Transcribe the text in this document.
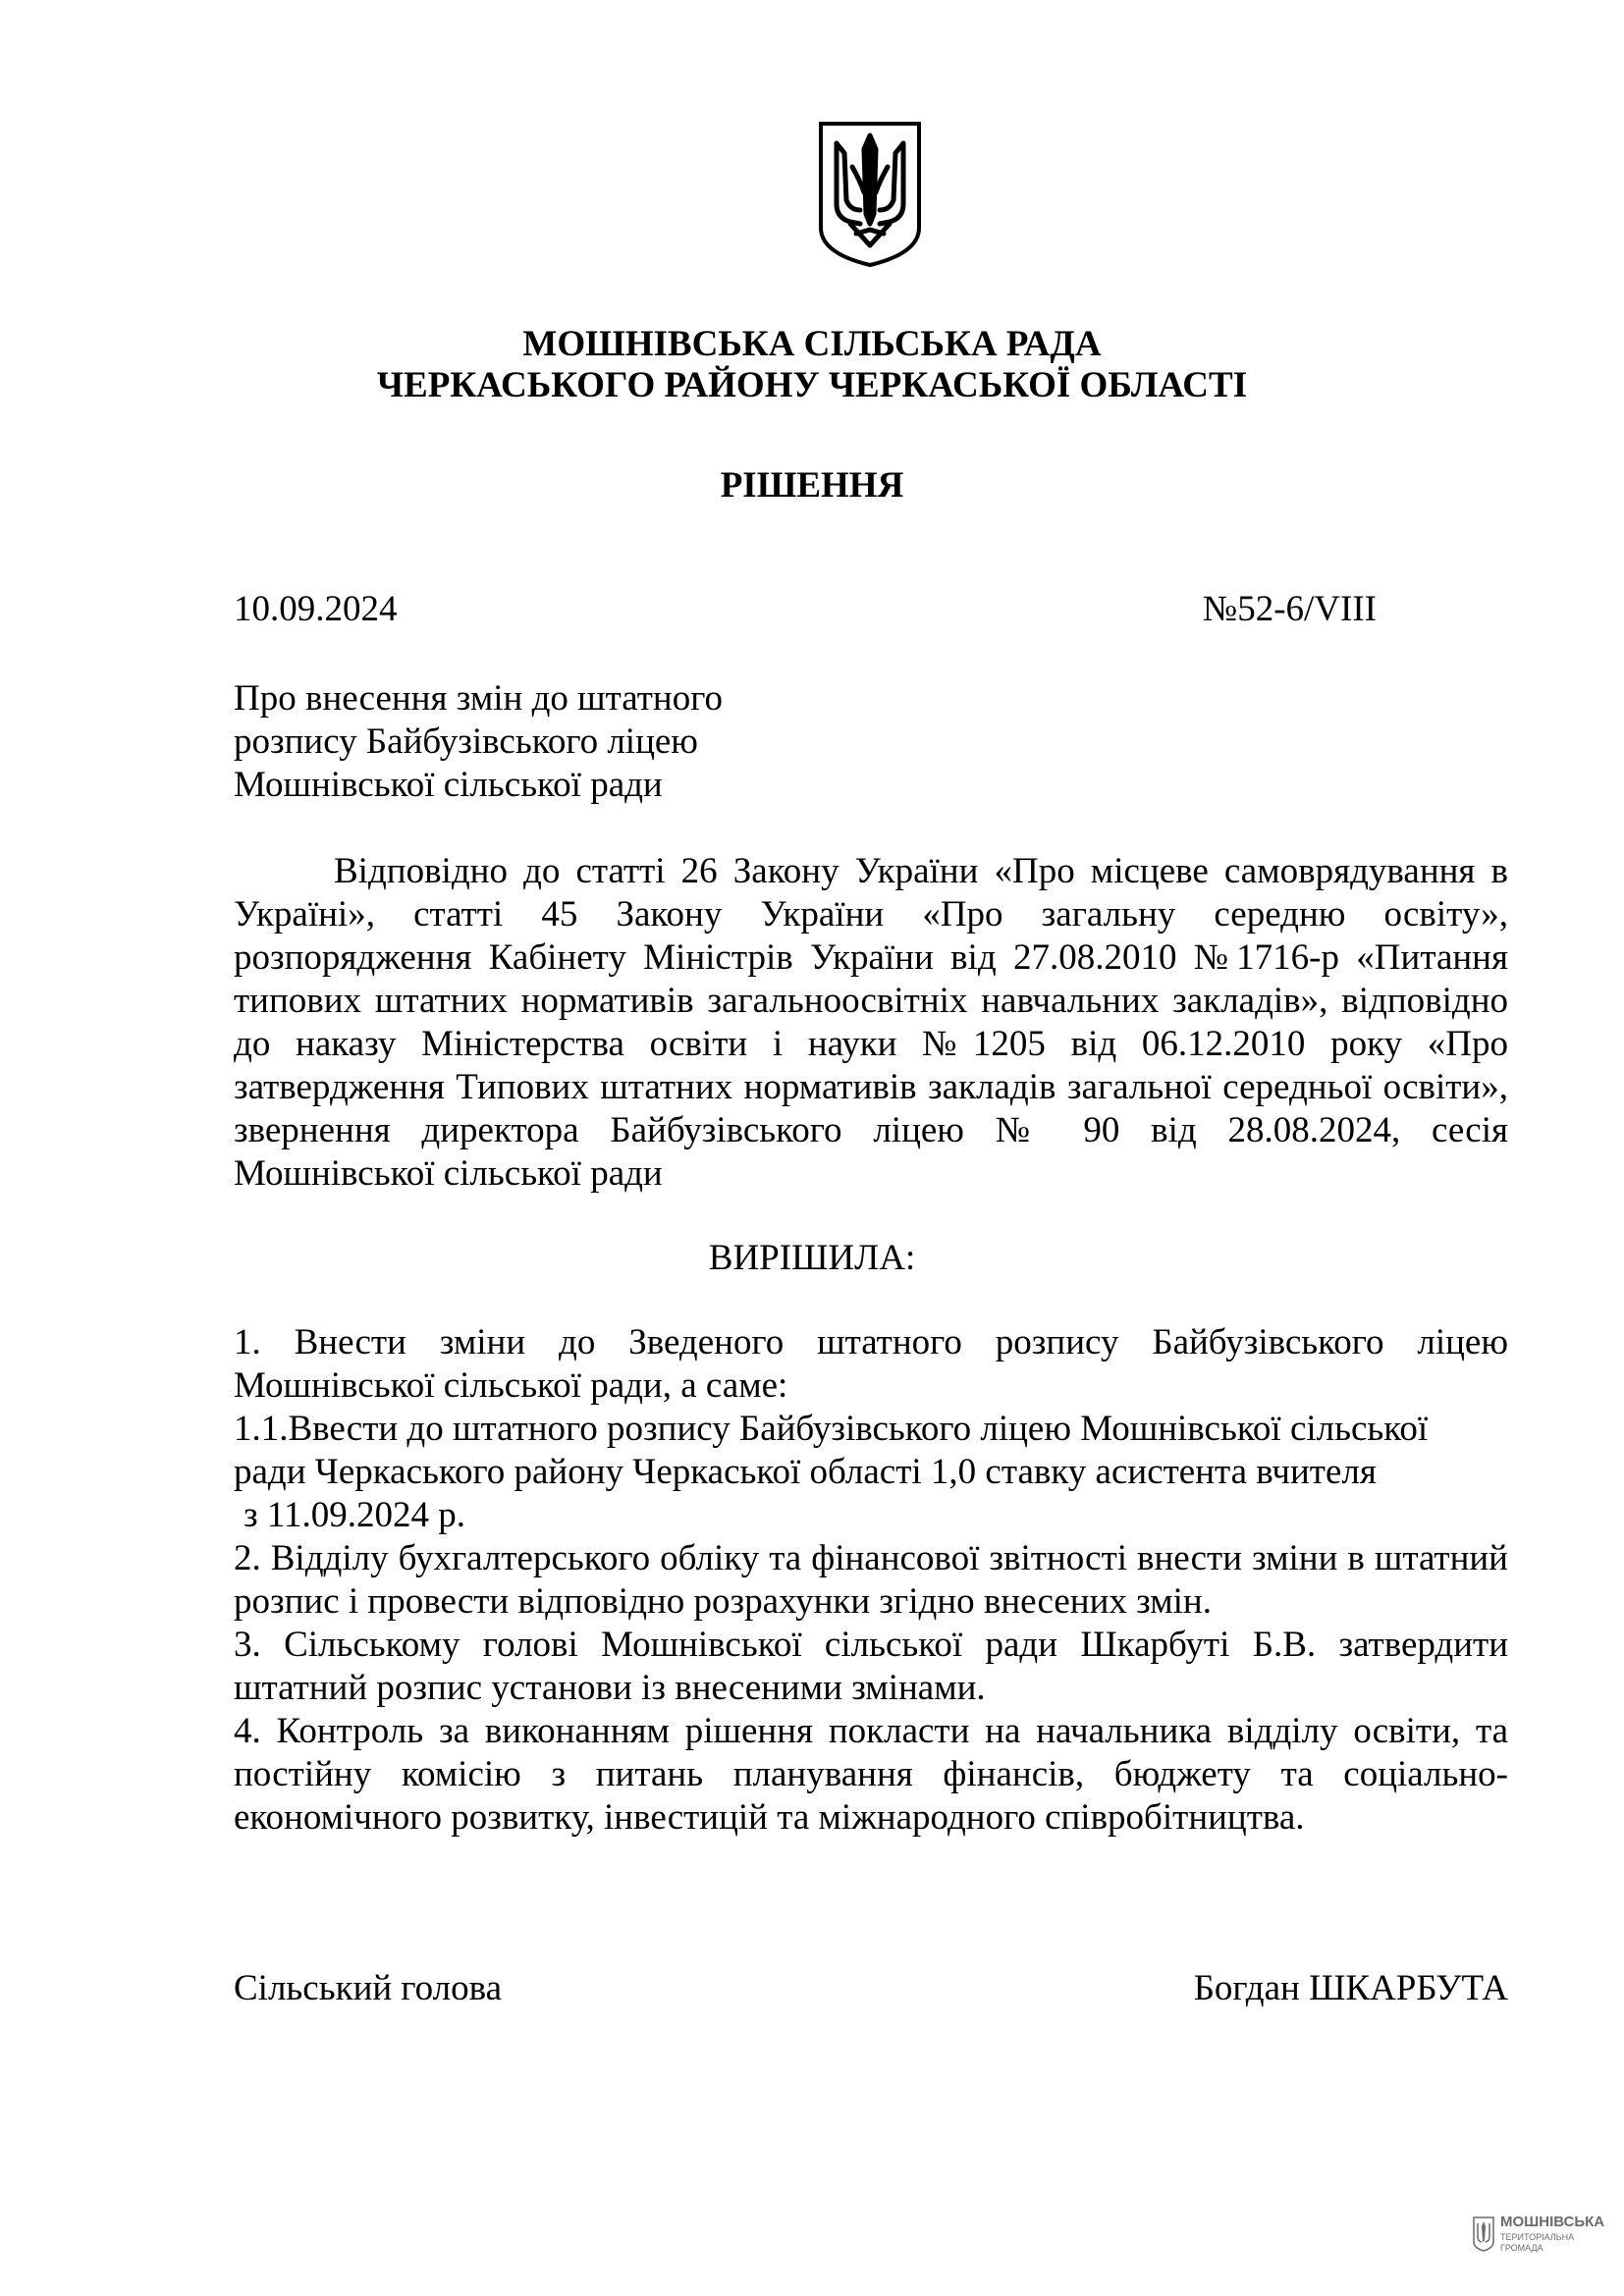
МОШНІВСЬКА СІЛЬСЬКА РАДА
ЧЕРКАСЬКОГО РАЙОНУ ЧЕРКАСЬКОЇ ОБЛАСТІ
РІШЕННЯ
10.09.2024	№52-6/VIII
Про внесення змін до штатного
розпису Байбузівського ліцею
Мошнівської сільської ради

Відповідно до статті 26 Закону України «Про місцеве самоврядування в Україні», статті 45 Закону України «Про загальну середню освіту», розпорядження Кабінету Міністрів України від 27.08.2010 №1716-р «Питання типових штатних нормативів загальноосвітніх навчальних закладів», відповідно до наказу Міністерства освіти і науки №1205 від 06.12.2010 року «Про затвердження Типових штатних нормативів закладів загальної середньої освіти», звернення директора Байбузівського ліцею № 90 від 28.08.2024, сесія Мошнівської сільської ради

ВИРІШИЛА:

1. Внести зміни до Зведеного штатного розпису Байбузівського ліцею Мошнівської сільської ради, а саме:

1.1.Ввести до штатного розпису Байбузівського ліцею Мошнівської сільської ради Черкаського району Черкаської області 1,0 ставку асистента вчителя

з 11.09.2024 р.

2. Відділу бухгалтерського обліку та фінансової звітності внести зміни в штатний розпис і провести відповідно розрахунки згідно внесених змін.

3. Сільському голові Мошнівської сільської ради Шкарбуті Б.В. затвердити штатний розпис установи із внесеними змінами.

4. Контроль за виконанням рішення покласти на начальника відділу освіти, та постійну комісію з питань планування фінансів, бюджету та соціально-економічного розвитку, інвестицій та міжнародного співробітництва.

Сільський голова	Богдан ШКАРБУТА
МОШНІВСЬКА
ТЕРИТОРІАЛЬНА
ГРОМАДА
